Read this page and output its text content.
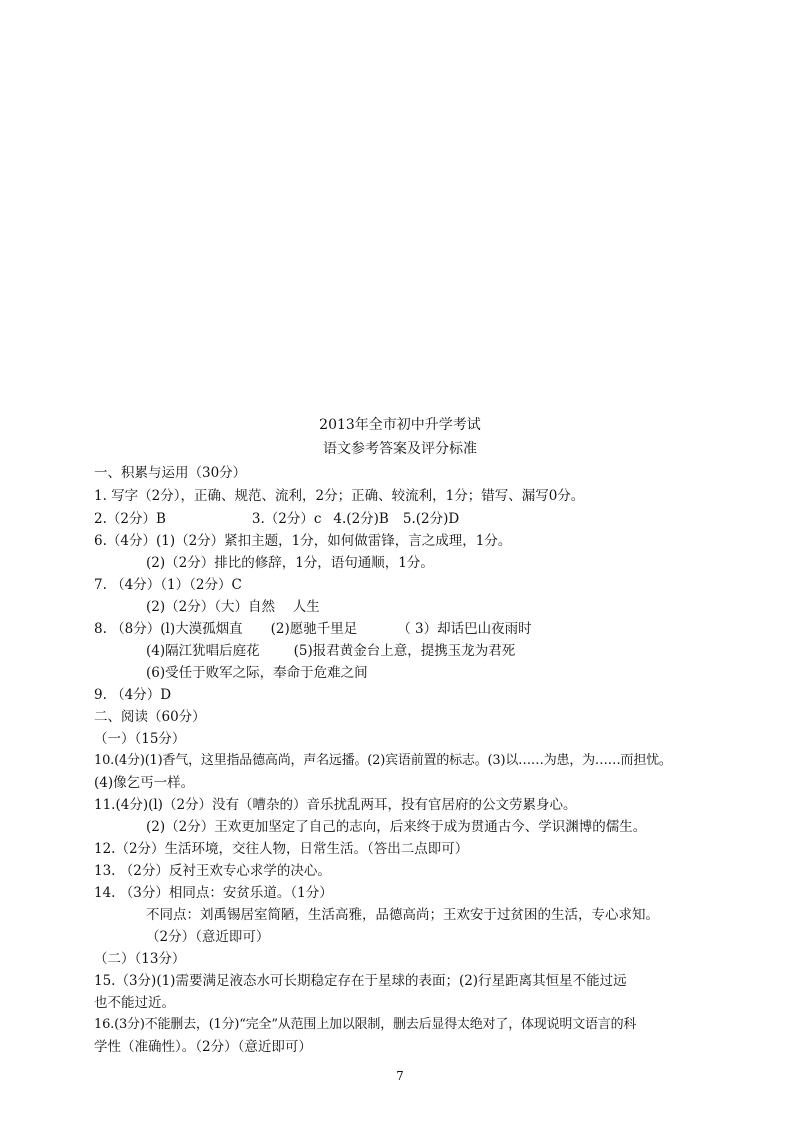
2013年全市初中升学考试
语文参考答案及评分标准
一、积累与运用（30分）
1. 写字（2分），正确、规范、流利，2分；正确、较流利，1分；错写、漏写0分。
2.（2分）B	3.（2分）c 4.(2分)B 5.(2分)D
6.（4分）(1)（2分）紧扣主题，1分，如何做雷锋，言之成理，1分。
(2)（2分）排比的修辞，1分，语句通顺，1分。
7. （4分）（1）（2分）C
(2)（2分）（大）自然　 人生
8. （8分）(l)大漠孤烟直 (2)愿驰千里足	（ 3）却话巴山夜雨时
(4)隔江犹唱后庭花	(5)报君黄金台上意，提携玉龙为君死
(6)受任于败军之际，奉命于危难之间
9. （4分）D
二、阅读（60分）
（一）（15分）
10.(4分)(1)香气，这里指品德高尚，声名远播。(2)宾语前置的标志。(3)以……为患，为……而担忧。
(4)像乞丐一样。
11.(4分)(l)（2分）没有（嘈杂的）音乐扰乱两耳，投有官居府的公文劳累身心。
(2)（2分）王欢更加坚定了自己的志向，后来终于成为贯通古今、学识渊博的儒生。
12.（2分）生活环境，交往人物，日常生活。（答出二点即可）
13. （2分）反衬王欢专心求学的决心。
14. （3分）相同点：安贫乐道。（1分）
不同点：刘禹锡居室简陋，生活高雅，品德高尚；王欢安于过贫困的生活，专心求知。
（2分）（意近即可）
（二）（13分）
15.（3分)(1)需要满足液态水可长期稳定存在于星球的表面；(2)行星距离其恒星不能过远
也不能过近。
16.(3分)不能删去，(1分)“完全”从范围上加以限制，删去后显得太绝对了，体现说明文语言的科
学性（准确性）。（2分）（意近即可）
7
